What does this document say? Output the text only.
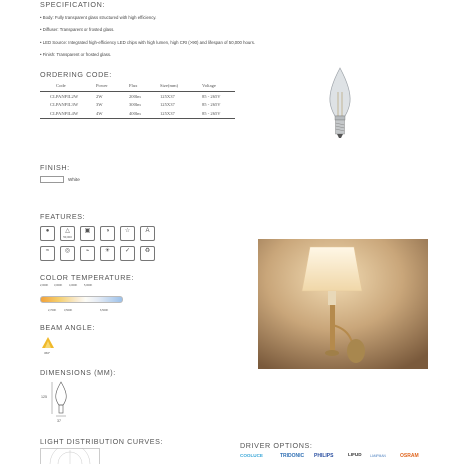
SPECIFICATION:
• Body: Fully transparent glass structured with high efficiency.
• Diffuser: Transparent or frosted glass.
• LED Source: Integrated high-efficiency LED chips with high lumen, high CRI (>90) and lifespan of 50,000 hours.
• Finish: Transparent or frosted glass.
ORDERING CODE:
Code	Power	Flux	Size(mm)	Voltage
CLPANFIL2W	2W	200lm	125X37	85 - 265V
CLPANFIL3W	3W	300lm	125X37	85 - 265V
CLPANFIL4W	4W	400lm	125X37	85 - 265V
FINISH:
White
FEATURES:
●	△
50,000
▣	◑	☆	A
≈	◎	⌁	☀	✓	♻
COLOR TEMPERATURE:
2,000K 3,000K	4,000K	5,000K
2,700K	3,500K	6,500K
BEAM ANGLE:
360°
DIMENSIONS (MM):
125
37
LIGHT DISTRIBUTION CURVES:	DRIVER OPTIONS:
COOLUCE	TRIDONIC PHILIPS	LIFUD	LAMPMAN	OSRAM
